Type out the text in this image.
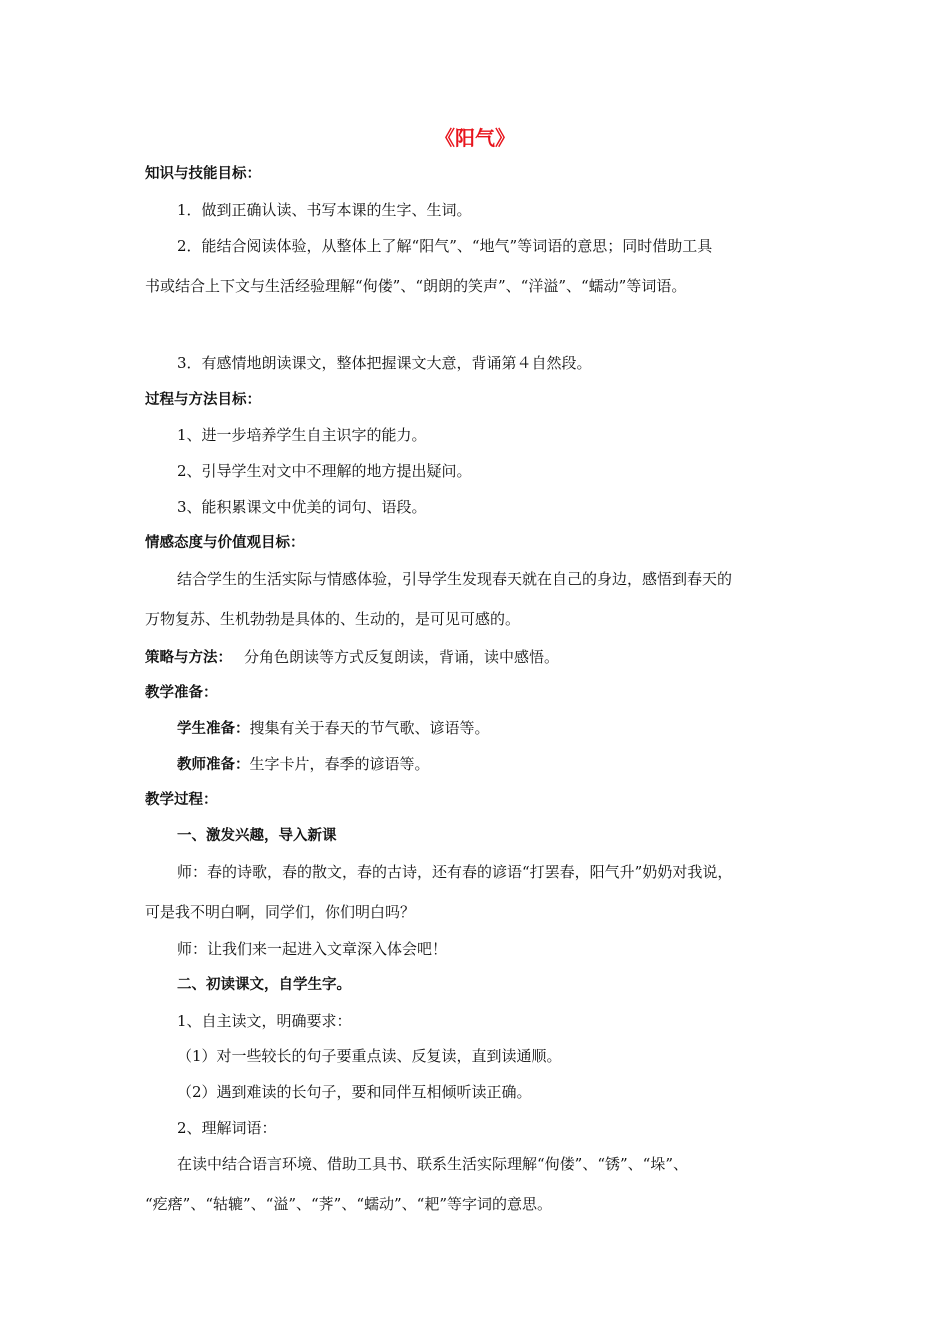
《阳气》
知识与技能目标：
1．做到正确认读、书写本课的生字、生词。
2．能结合阅读体验，从整体上了解“阳气”、“地气”等词语的意思；同时借助工具
书或结合上下文与生活经验理解“佝偻”、“朗朗的笑声”、“洋溢”、“蠕动”等词语。
3．有感情地朗读课文，整体把握课文大意，背诵第４自然段。
过程与方法目标：
1、进一步培养学生自主识字的能力。
2、引导学生对文中不理解的地方提出疑问。
3、能积累课文中优美的词句、语段。
情感态度与价值观目标：
结合学生的生活实际与情感体验，引导学生发现春天就在自己的身边，感悟到春天的
万物复苏、生机勃勃是具体的、生动的，是可见可感的。
策略与方法： 分角色朗读等方式反复朗读，背诵，读中感悟。
教学准备：
学生准备：搜集有关于春天的节气歌、谚语等。
教师准备：生字卡片，春季的谚语等。
教学过程：
一、激发兴趣，导入新课
师：春的诗歌，春的散文，春的古诗，还有春的谚语“打罢春，阳气升”奶奶对我说，
可是我不明白啊，同学们，你们明白吗？
师：让我们来一起进入文章深入体会吧！
二、初读课文，自学生字。
1、自主读文，明确要求：
（1）对一些较长的句子要重点读、反复读，直到读通顺。
（2）遇到难读的长句子，要和同伴互相倾听读正确。
2、理解词语：
在读中结合语言环境、借助工具书、联系生活实际理解“佝偻”、“锈”、“垛”、
“疙瘩”、“轱辘”、“溢”、“荠”、“蠕动”、“耙”等字词的意思。
